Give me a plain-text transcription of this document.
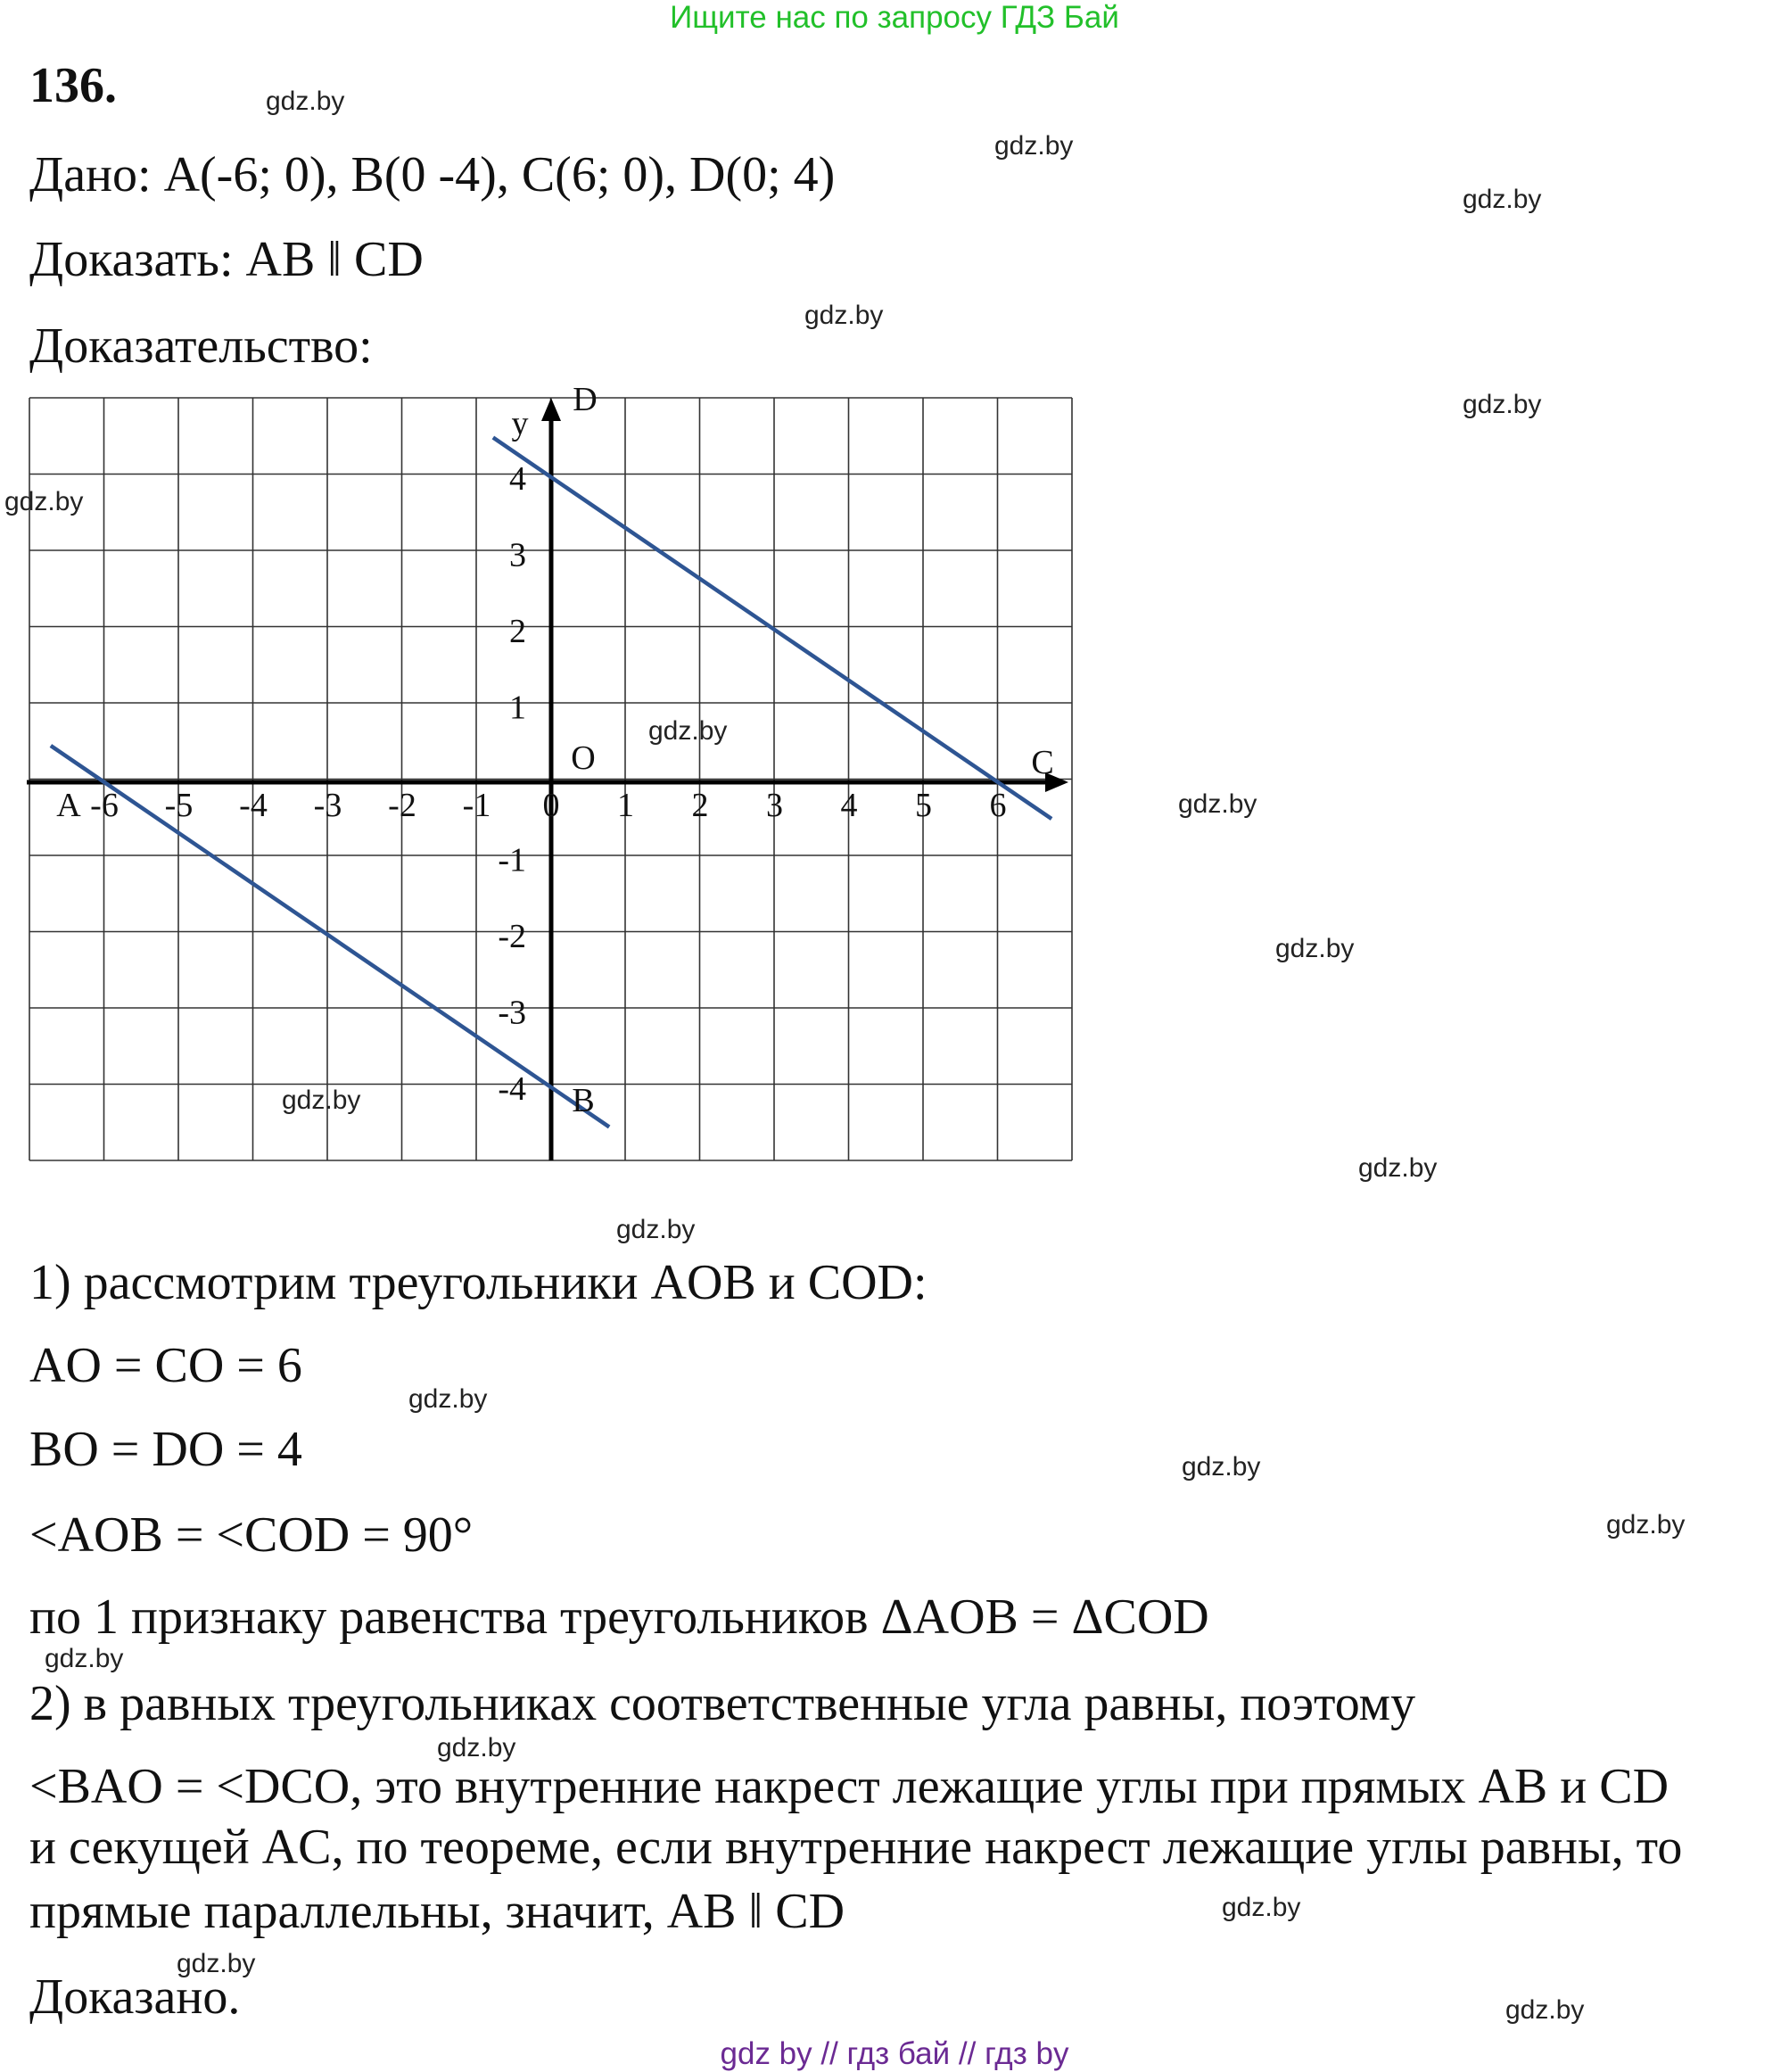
Ищите нас по запросу ГДЗ Бай
136.
Дано: A(-6; 0), B(0 -4), C(6; 0), D(0; 4)
Доказать: AB ǁ CD
Доказательство:
-6 -5 -4 -3 -2 -1 0 1 2 3 4 5 6
4
3
2
1
-1
-2
-3
-4
y
O
A
B
C
D
1) рассмотрим треугольники AOB и COD:
AO = CO = 6
BO = DO = 4
<AOB = <COD = 90°
по 1 признаку равенства треугольников ΔAOB = ΔCOD
2) в равных треугольниках соответственные угла равны, поэтому
<BAO = <DCO, это внутренние накрест лежащие углы при прямых AB и CD
и секущей AC, по теореме, если внутренние накрест лежащие углы равны, то
прямые параллельны, значит, AB ǁ CD
Доказано.
gdz.by
gdz.by
gdz.by
gdz.by
gdz.by
gdz.by
gdz.by
gdz.by
gdz.by
gdz.by
gdz.by
gdz.by
gdz.by
gdz.by
gdz.by
gdz.by
gdz.by
gdz.by
gdz.by
gdz.by
gdz by // гдз бай // гдз by
